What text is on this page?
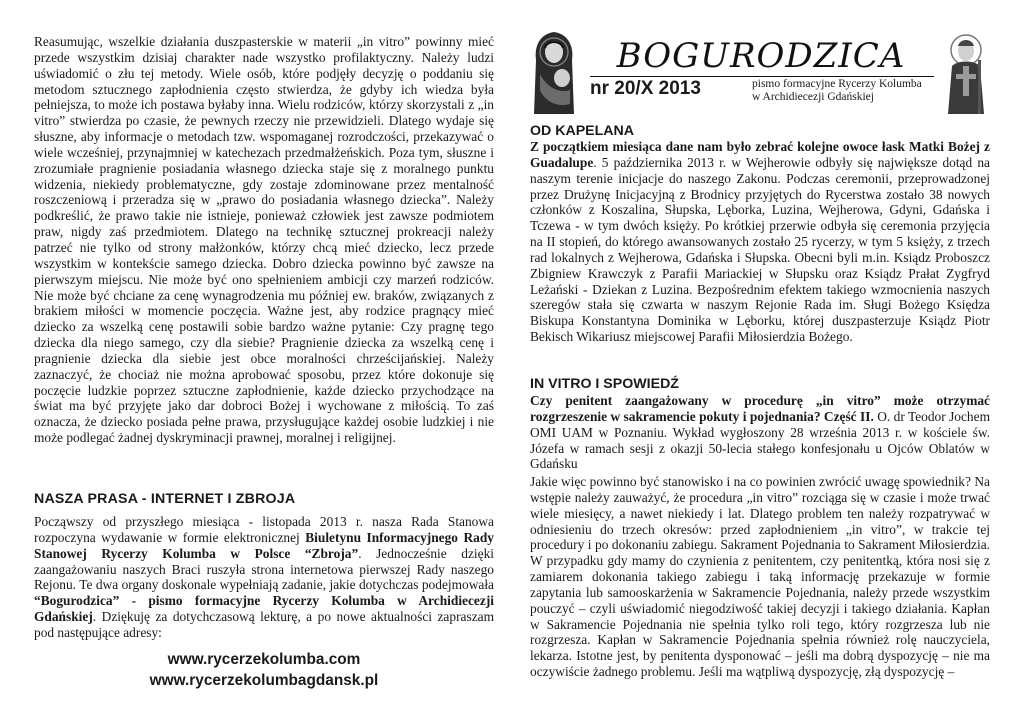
Reasumując, wszelkie działania duszpasterskie w materii „in vitro” powinny mieć przede wszystkim dzisiaj charakter nade wszystko profilaktyczny. Należy ludzi uświadomić o złu tej metody. Wiele osób, które podjęły decyzję o poddaniu się metodom sztucznego zapłodnienia często stwierdza, że gdyby ich wiedza była pełniejsza, to może ich postawa byłaby inna. Wielu rodziców, którzy skorzystali z „in vitro” stwierdza po czasie, że pewnych rzeczy nie przewidzieli. Dlatego wydaje się słuszne, aby informacje o metodach tzw. wspomaganej rozrodczości, przekazywać o wiele wcześniej, przynajmniej w katechezach przedmałżeńskich. Poza tym, słuszne i zrozumiałe pragnienie posiadania własnego dziecka staje się z moralnego punktu widzenia, niekiedy problematyczne, gdy zostaje zdominowane przez mentalność roszczeniową i przeradza się w „prawo do posiadania własnego dziecka”. Należy podkreślić, że prawo takie nie istnieje, ponieważ człowiek jest zawsze podmiotem praw, nigdy zaś przedmiotem. Dlatego na technikę sztucznej prokreacji należy patrzeć nie tylko od strony małżonków, którzy chcą mieć dziecko, lecz przede wszystkim w kontekście samego dziecka. Dobro dziecka powinno być zawsze na pierwszym miejscu. Nie może być ono spełnieniem ambicji czy marzeń rodziców. Nie może być chciane za cenę wynagrodzenia mu później ew. braków, związanych z brakiem miłości w momencie poczęcia. Ważne jest, aby rodzice pragnący mieć dziecko za wszelką cenę postawili sobie bardzo ważne pytanie: Czy pragnę tego dziecka dla niego samego, czy dla siebie? Pragnienie dziecka za wszelką cenę i pragnienie dziecka dla siebie jest obce moralności chrześcijańskiej. Należy zaznaczyć, że chociaż nie można aprobować sposobu, przez które dokonuje się poczęcie ludzkie poprzez sztuczne zapłodnienie, każde dziecko przychodzące na świat ma być przyjęte jako dar dobroci Bożej i wychowane z miłością. To zaś oznacza, że dziecko posiada pełne prawa, przysługujące każdej osobie ludzkiej i nie może podlegać żadnej dyskryminacji prawnej, moralnej i religijnej.

NASZA PRASA - INTERNET I ZBROJA

Począwszy od przyszłego miesiąca - listopada 2013 r. nasza Rada Stanowa rozpoczyna wydawanie w formie elektronicznej Biuletynu Informacyjnego Rady Stanowej Rycerzy Kolumba w Polsce “Zbroja”. Jednocześnie dzięki zaangażowaniu naszych Braci ruszyła strona internetowa pierwszej Rady naszego Rejonu. Te dwa organy doskonale wypełniają zadanie, jakie dotychczas podejmowała “Bogurodzica” - pismo formacyjne Rycerzy Kolumba w Archidiecezji Gdańskiej. Dziękuję za dotychczasową lekturę, a po nowe aktualności zapraszam pod następujące adresy:

www.rycerzekolumba.com
www.rycerzekolumbagdansk.pl
BOGURODZICA
nr 20/X 2013	pismo formacyjne Rycerzy Kolumba
w Archidiecezji Gdańskiej
OD KAPELANA

Z początkiem miesiąca dane nam było zebrać kolejne owoce łask Matki Bożej z Guadalupe. 5 października 2013 r. w Wejherowie odbyły się największe dotąd na naszym terenie inicjacje do naszego Zakonu. Podczas ceremonii, przeprowadzonej przez Drużynę Inicjacyjną z Brodnicy przyjętych do Rycerstwa zostało 38 nowych członków z Koszalina, Słupska, Lęborka, Luzina, Wejherowa, Gdyni, Gdańska i Tczewa - w tym dwóch księży. Po krótkiej przerwie odbyła się ceremonia przyjęcia na II stopień, do którego awansowanych zostało 25 rycerzy, w tym 5 księży, z trzech rad lokalnych z Wejherowa, Gdańska i Słupska. Obecni byli m.in. Ksiądz Proboszcz Zbigniew Krawczyk z Parafii Mariackiej w Słupsku oraz Ksiądz Prałat Zygfryd Leżański - Dziekan z Luzina. Bezpośrednim efektem takiego wzmocnienia naszych szeregów stała się czwarta w naszym Rejonie Rada im. Sługi Bożego Księdza Biskupa Konstantyna Dominika w Lęborku, której duszpasterzuje Ksiądz Piotr Bekisch Wikariusz miejscowej Parafii Miłosierdzia Bożego.

IN VITRO I SPOWIEDŹ

Czy penitent zaangażowany w procedurę „in vitro” może otrzymać rozgrzeszenie w sakramencie pokuty i pojednania? Część II. O. dr Teodor Jochem OMI UAM w Poznaniu. Wykład wygłoszony 28 września 2013 r. w kościele św. Józefa w ramach sesji z okazji 50-lecia stałego konfesjonału u Ojców Oblatów w Gdańsku

Jakie więc powinno być stanowisko i na co powinien zwrócić uwagę spowiednik? Na wstępie należy zauważyć, że procedura „in vitro” rozciąga się w czasie i może trwać wiele miesięcy, a nawet niekiedy i lat. Dlatego problem ten należy rozpatrywać w odniesieniu do trzech okresów: przed zapłodnieniem „in vitro”, w trakcie tej procedury i po dokonaniu zabiegu. Sakrament Pojednania to Sakrament Miłosierdzia. W przypadku gdy mamy do czynienia z penitentem, czy penitentką, która nosi się z zamiarem dokonania takiego zabiegu i taką informację przekazuje w formie zapytania lub samooskarżenia w Sakramencie Pojednania, należy przede wszystkim pouczyć – czyli uświadomić niegodziwość takiej decyzji i takiego działania. Kapłan w Sakramencie Pojednania nie spełnia tylko roli tego, który rozgrzesza lub nie rozgrzesza. Kapłan w Sakramencie Pojednania spełnia również rolę nauczyciela, lekarza. Istotne jest, by penitenta dysponować – jeśli ma dobrą dyspozycję – nie ma oczywiście żadnego problemu. Jeśli ma wątpliwą dyspozycję, złą dyspozycję –
